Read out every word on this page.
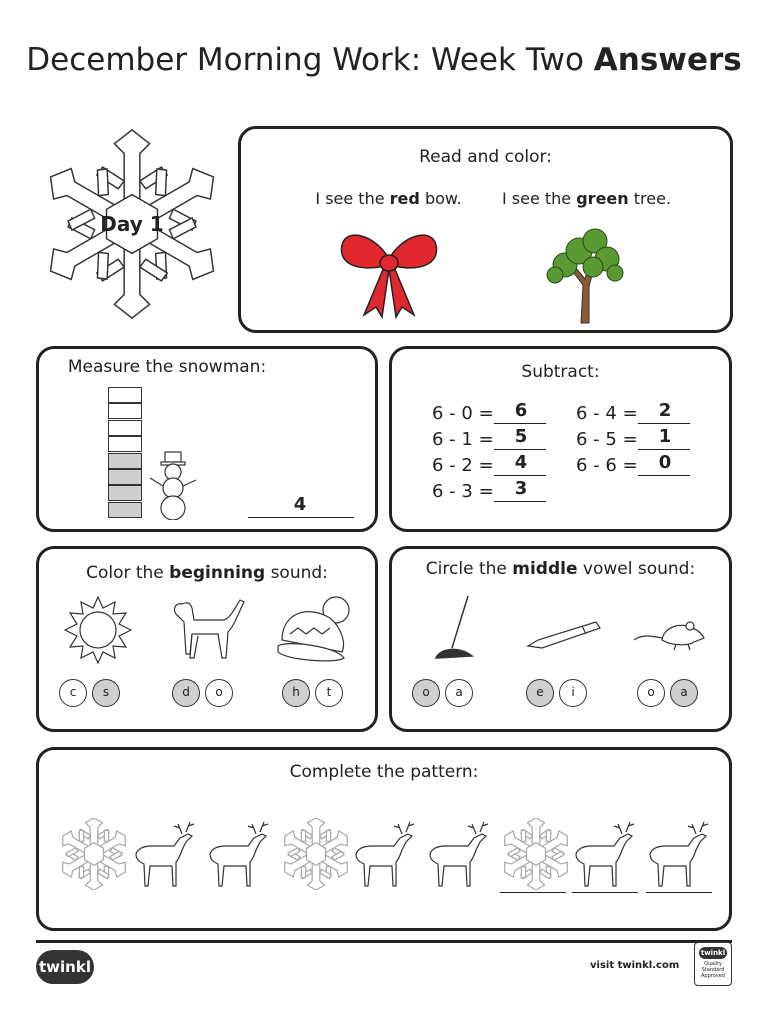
December Morning Work: Week Two Answers
Day 1
Read and color:
I see the red bow.	I see the green tree.
Measure the snowman:
4
Subtract:
6 - 0 =	6
6 - 1 =	5
6 - 2 =	4
6 - 3 =	3
6 - 4 =	2
6 - 5 =	1
6 - 6 =	0
Color the beginning sound:
c	s	d	o	h	t
Circle the middle vowel sound:
o	a	e	i	o	a
Complete the pattern:
twinkl	visit twinkl.com
twinkl
Quality Standard Approved
